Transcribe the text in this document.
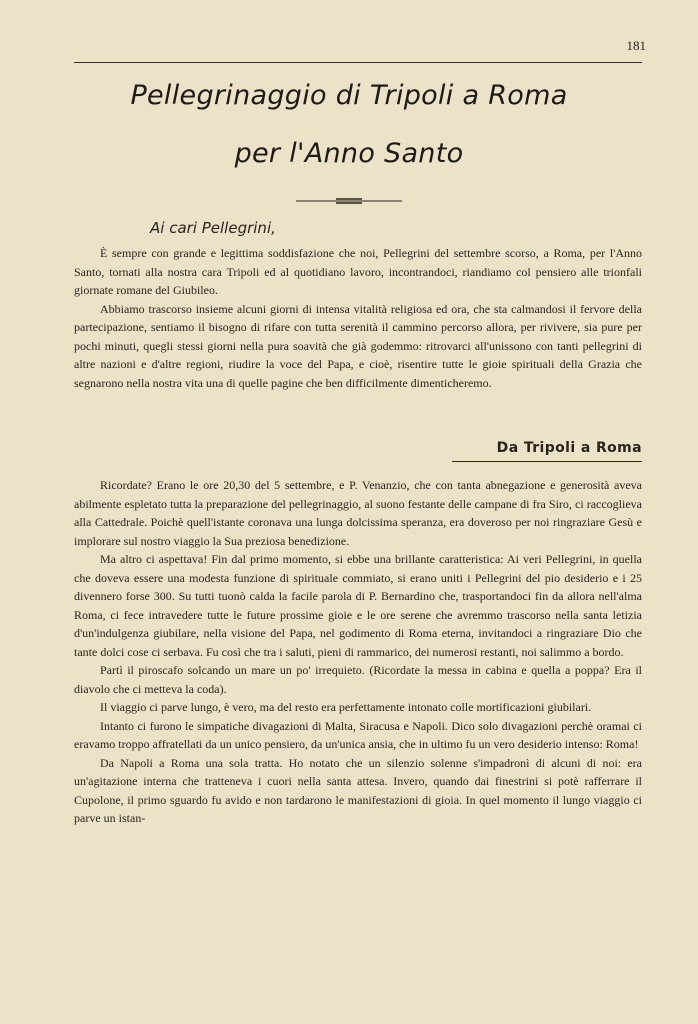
181
Pellegrinaggio di Tripoli a Roma
per l'Anno Santo
Ai cari Pellegrini,

È sempre con grande e legittima soddisfazione che noi, Pellegrini del settembre scorso, a Roma, per l'Anno Santo, tornati alla nostra cara Tripoli ed al quotidiano lavoro, incontrandoci, riandiamo col pensiero alle trionfali giornate romane del Giubileo.

Abbiamo trascorso insieme alcuni giorni di intensa vitalità religiosa ed ora, che sta calmandosi il fervore della partecipazione, sentiamo il bisogno di rifare con tutta serenità il cammino percorso allora, per rivivere, sia pure per pochi minuti, quegli stessi giorni nella pura soavità che già godemmo: ritrovarci all'unissono con tanti pellegrini di altre nazioni e d'altre regioni, riudire la voce del Papa, e cioè, risentire tutte le gioie spirituali della Grazia che segnarono nella nostra vita una di quelle pagine che ben difficilmente dimenticheremo.

Da Tripoli a Roma

Ricordate? Erano le ore 20,30 del 5 settembre, e P. Venanzio, che con tanta abnegazione e generosità aveva abilmente espletato tutta la preparazione del pellegrinaggio, al suono festante delle campane di fra Siro, ci raccoglieva alla Cattedrale. Poichè quell'istante coronava una lunga dolcissima speranza, era doveroso per noi ringraziare Gesù e implorare sul nostro viaggio la Sua preziosa benedizione.

Ma altro ci aspettava! Fin dal primo momento, si ebbe una brillante caratteristica: Ai veri Pellegrini, in quella che doveva essere una modesta funzione di spirituale commiato, si erano uniti i Pellegrini del pio desiderio e i 25 divennero forse 300. Su tutti tuonò calda la facile parola di P. Bernardino che, trasportandoci fin da allora nell'alma Roma, ci fece intravedere tutte le future prossime gioie e le ore serene che avremmo trascorso nella santa letizia d'un'indulgenza giubilare, nella visione del Papa, nel godimento di Roma eterna, invitandoci a ringraziare Dio che tante dolci cose ci serbava. Fu così che tra i saluti, pieni di rammarico, dei numerosi restanti, noi salimmo a bordo.

Partì il piroscafo solcando un mare un po' irrequieto. (Ricordate la messa in cabina e quella a poppa? Era il diavolo che ci metteva la coda).

Il viaggio ci parve lungo, è vero, ma del resto era perfettamente intonato colle mortificazioni giubilari.

Intanto ci furono le simpatiche divagazioni di Malta, Siracusa e Napoli. Dico solo divagazioni perchè oramai ci eravamo troppo affratellati da un unico pensiero, da un'unica ansia, che in ultimo fu un vero desiderio intenso: Roma!

Da Napoli a Roma una sola tratta. Ho notato che un silenzio solenne s'impadronì di alcuni di noi: era un'agitazione interna che tratteneva i cuori nella santa attesa. Invero, quando dai finestrini si potè rafferrare il Cupolone, il primo sguardo fu avido e non tardarono le manifestazioni di gioia. In quel momento il lungo viaggio ci parve un istan-
